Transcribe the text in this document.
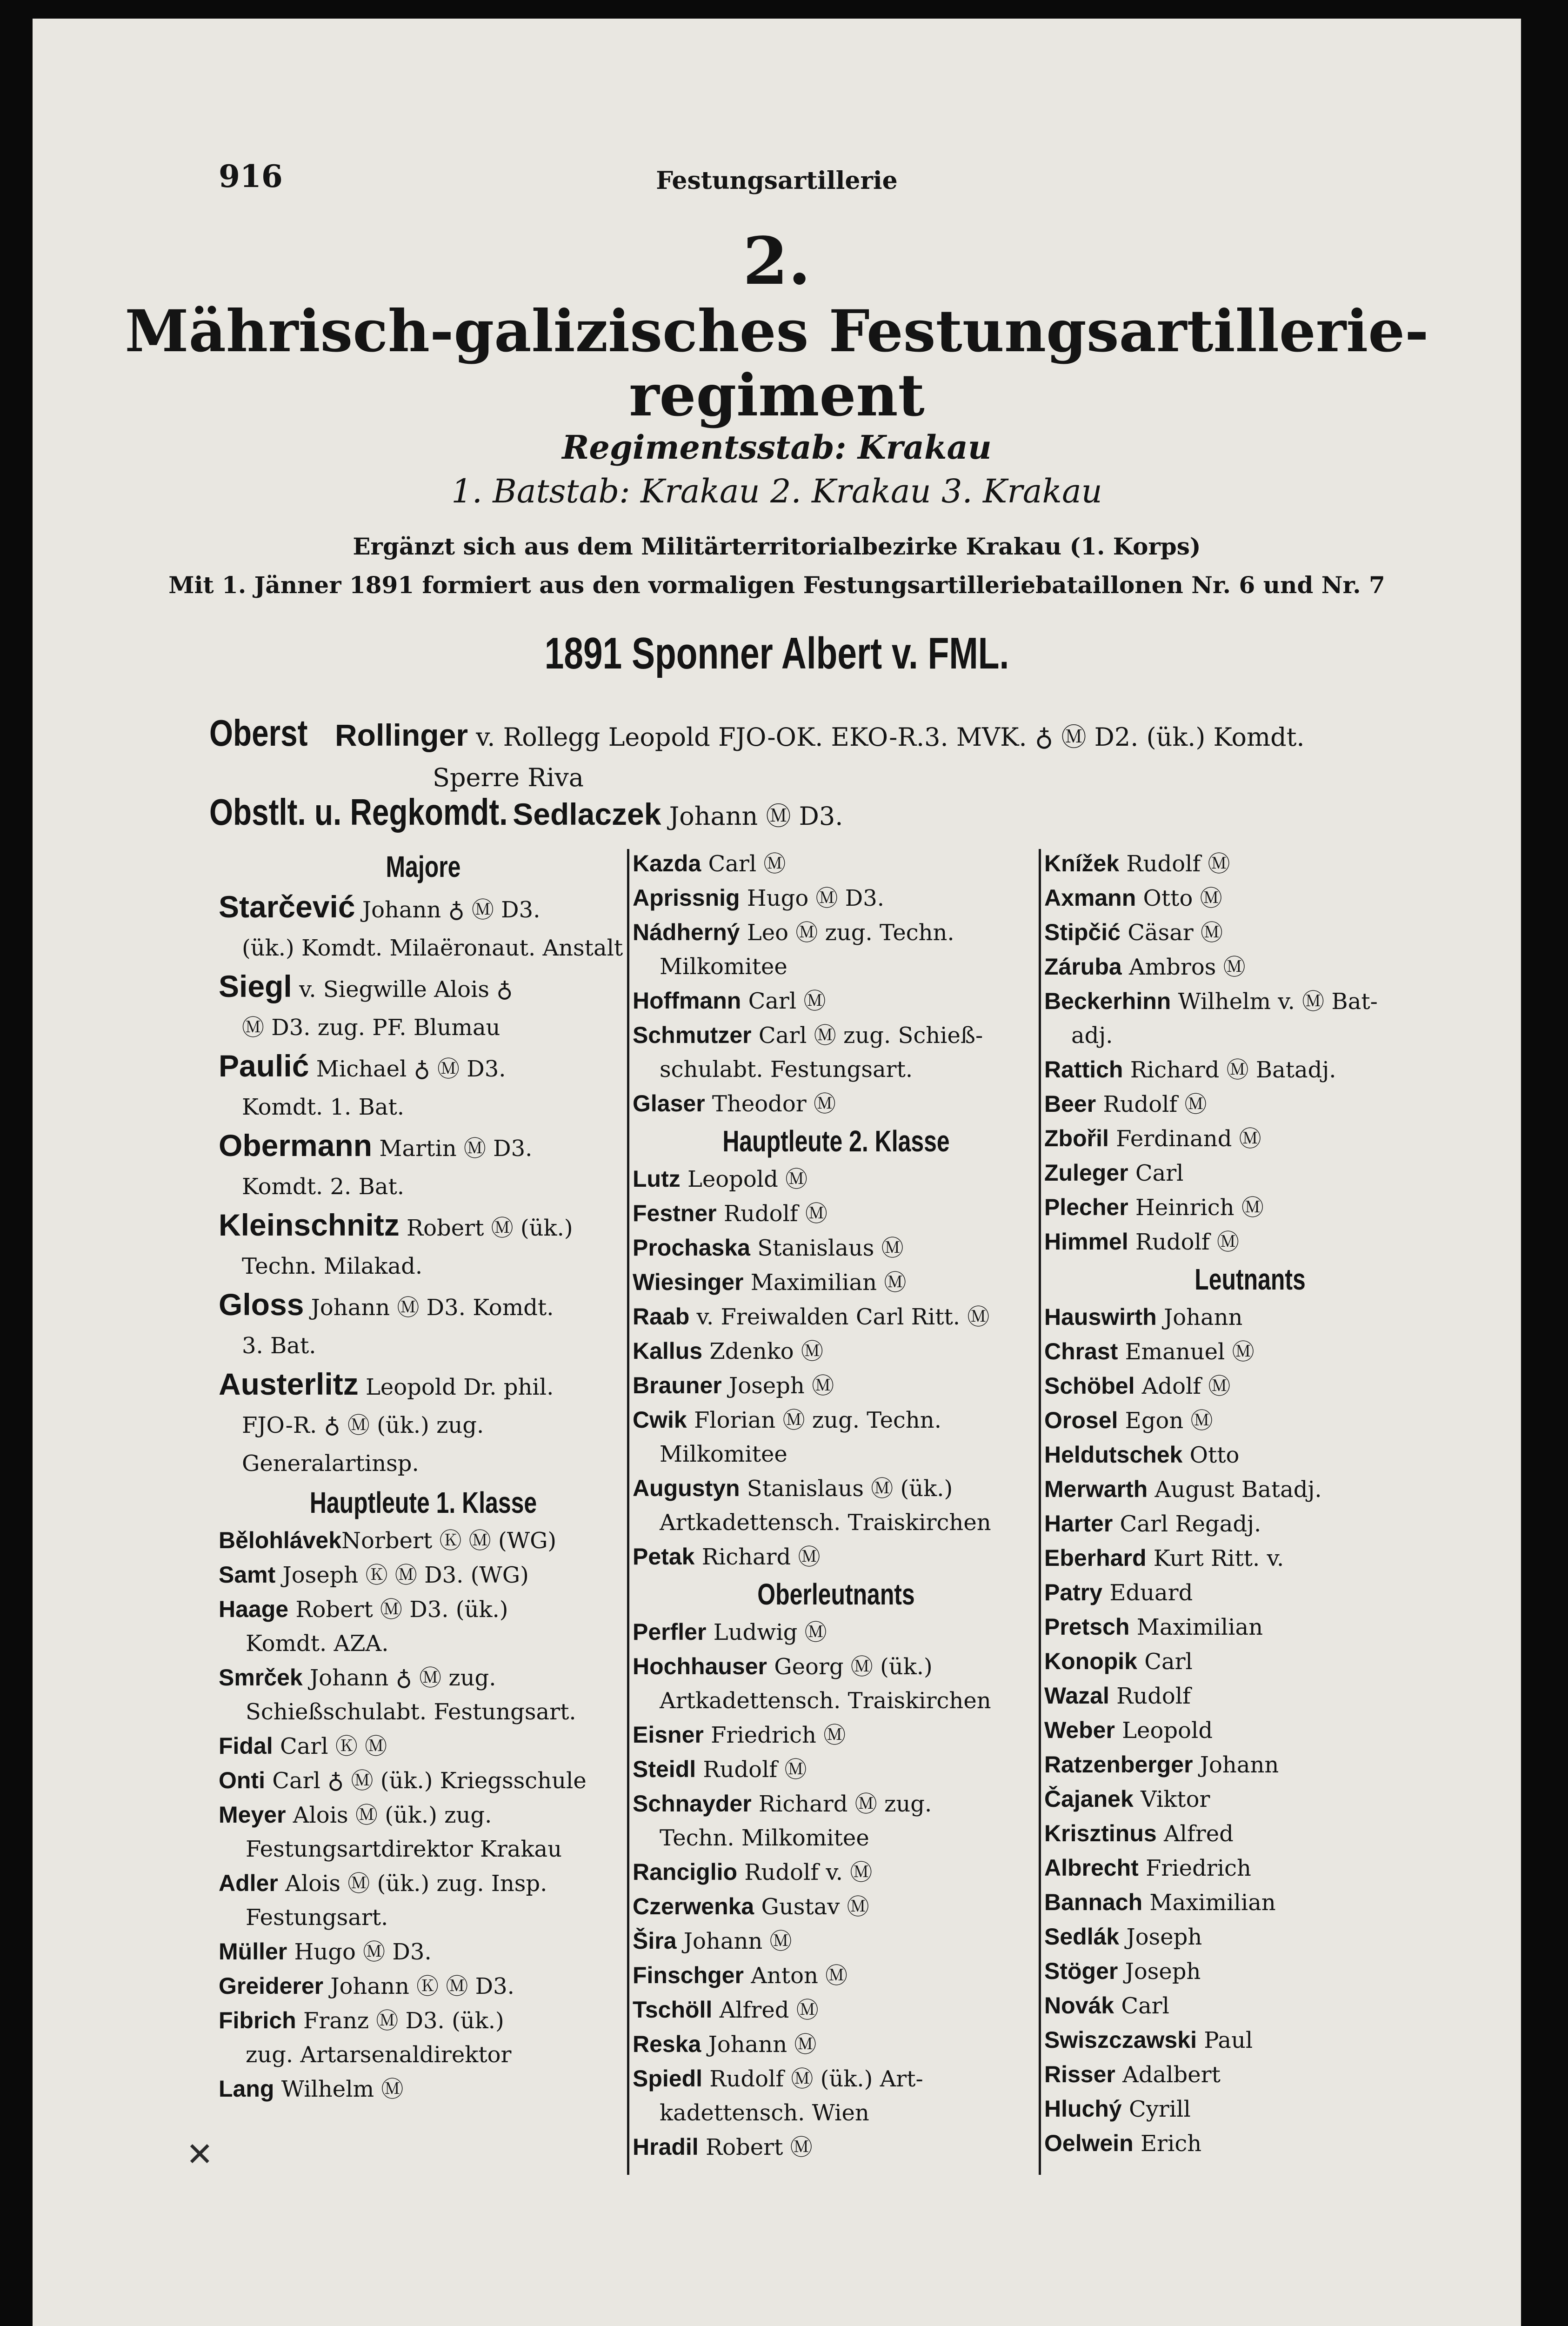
916	Festungsartillerie
2.
Mährisch-galizisches Festungsartillerie-
regiment
Regimentsstab: Krakau
1. Batstab: Krakau 2. Krakau 3. Krakau
Ergänzt sich aus dem Militärterritorialbezirke Krakau (1. Korps)
Mit 1. Jänner 1891 formiert aus den vormaligen Festungsartilleriebataillonen Nr. 6 und Nr. 7
1891 Sponner Albert v. FML.
Oberst Rollinger v. Rollegg Leopold FJO-OK. EKO-R.3. MVK. ♁ Ⓜ D2. (ük.) Komdt.
Sperre Riva
Obstlt. u. Regkomdt. Sedlaczek Johann Ⓜ D3.
Majore
Starčević Johann ♁ Ⓜ D3.
(ük.) Komdt. Milaëronaut. Anstalt
Siegl v. Siegwille Alois ♁
Ⓜ D3. zug. PF. Blumau
Paulić Michael ♁ Ⓜ D3.
Komdt. 1. Bat.
Obermann Martin Ⓜ D3.
Komdt. 2. Bat.
Kleinschnitz Robert Ⓜ (ük.)
Techn. Milakad.
Gloss Johann Ⓜ D3. Komdt.
3. Bat.
Austerlitz Leopold Dr. phil.
FJO-R. ♁ Ⓜ (ük.) zug. Generalartinsp.
Hauptleute 1. Klasse
BělohlávekNorbert Ⓚ Ⓜ (WG)
Samt Joseph Ⓚ Ⓜ D3. (WG)
Haage Robert Ⓜ D3. (ük.)
Komdt. AZA.
Smrček Johann ♁ Ⓜ zug.
Schießschulabt. Festungsart.
Fidal Carl Ⓚ Ⓜ
Onti Carl ♁ Ⓜ (ük.) Kriegsschule
Meyer Alois Ⓜ (ük.) zug.
Festungsartdirektor Krakau
Adler Alois Ⓜ (ük.) zug. Insp.
Festungsart.
Müller Hugo Ⓜ D3.
Greiderer Johann Ⓚ Ⓜ D3.
Fibrich Franz Ⓜ D3. (ük.)
zug. Artarsenaldirektor
Lang Wilhelm Ⓜ
Kazda Carl Ⓜ
Aprissnig Hugo Ⓜ D3.
Nádherný Leo Ⓜ zug. Techn.
Milkomitee
Hoffmann Carl Ⓜ
Schmutzer Carl Ⓜ zug. Schieß-
schulabt. Festungsart.
Glaser Theodor Ⓜ
Hauptleute 2. Klasse
Lutz Leopold Ⓜ
Festner Rudolf Ⓜ
Prochaska Stanislaus Ⓜ
Wiesinger Maximilian Ⓜ
Raab v. Freiwalden Carl Ritt. Ⓜ
Kallus Zdenko Ⓜ
Brauner Joseph Ⓜ
Cwik Florian Ⓜ zug. Techn.
Milkomitee
Augustyn Stanislaus Ⓜ (ük.)
Artkadettensch. Traiskirchen
Petak Richard Ⓜ
Oberleutnants
Perfler Ludwig Ⓜ
Hochhauser Georg Ⓜ (ük.)
Artkadettensch. Traiskirchen
Eisner Friedrich Ⓜ
Steidl Rudolf Ⓜ
Schnayder Richard Ⓜ zug.
Techn. Milkomitee
Ranciglio Rudolf v. Ⓜ
Czerwenka Gustav Ⓜ
Šira Johann Ⓜ
Finschger Anton Ⓜ
Tschöll Alfred Ⓜ
Reska Johann Ⓜ
Spiedl Rudolf Ⓜ (ük.) Art-
kadettensch. Wien
Hradil Robert Ⓜ
Knížek Rudolf Ⓜ
Axmann Otto Ⓜ
Stipčić Cäsar Ⓜ
Záruba Ambros Ⓜ
Beckerhinn Wilhelm v. Ⓜ Bat-
adj.
Rattich Richard Ⓜ Batadj.
Beer Rudolf Ⓜ
Zbořil Ferdinand Ⓜ
Zuleger Carl
Plecher Heinrich Ⓜ
Himmel Rudolf Ⓜ
Leutnants
Hauswirth Johann
Chrast Emanuel Ⓜ
Schöbel Adolf Ⓜ
Orosel Egon Ⓜ
Heldutschek Otto
Merwarth August Batadj.
Harter Carl Regadj.
Eberhard Kurt Ritt. v.
Patry Eduard
Pretsch Maximilian
Konopik Carl
Wazal Rudolf
Weber Leopold
Ratzenberger Johann
Čajanek Viktor
Krisztinus Alfred
Albrecht Friedrich
Bannach Maximilian
Sedlák Joseph
Stöger Joseph
Novák Carl
Swiszczawski Paul
Risser Adalbert
Hluchý Cyrill
Oelwein Erich
✕
